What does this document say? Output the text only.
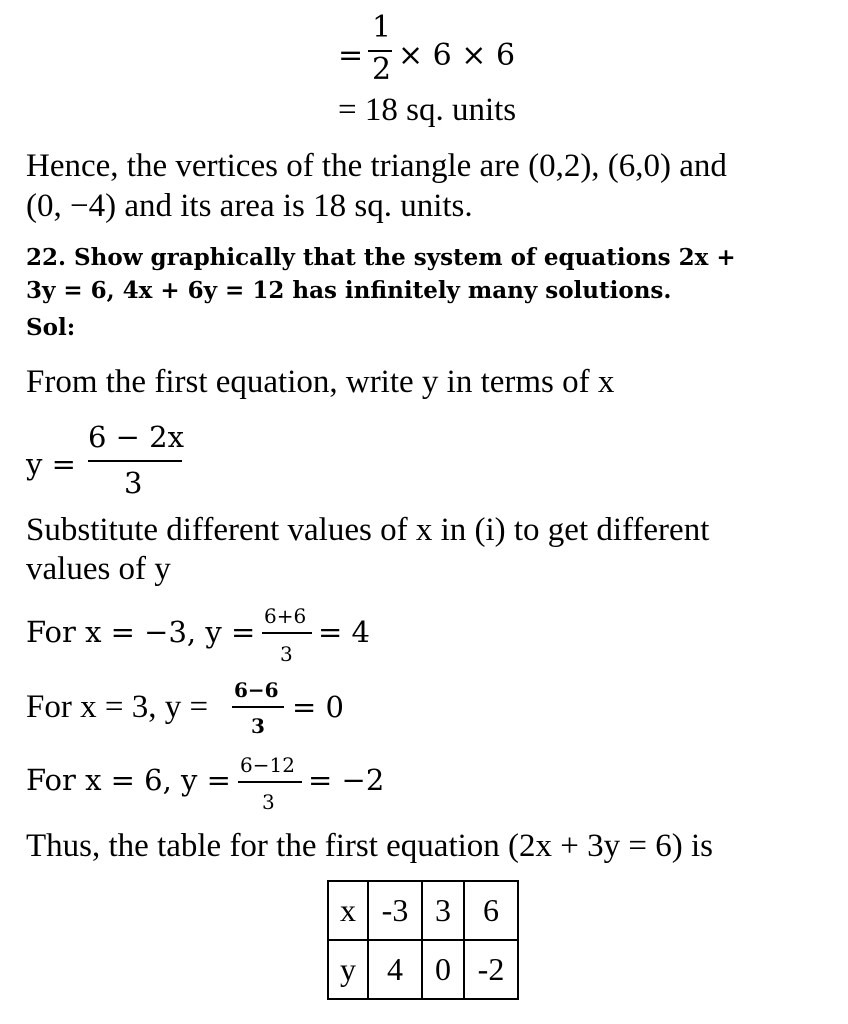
=
1
2 × 6 × 6
= 18 sq. units
Hence, the vertices of the triangle are (0,2), (6,0) and
(0, −4) and its area is 18 sq. units.
22. Show graphically that the system of equations 2x +
3y = 6, 4x + 6y = 12 has infinitely many solutions.
Sol:
From the first equation, write y in terms of x
y =
6 − 2x
3
Substitute different values of x in (i) to get different
values of y
For x = −3, y = 6+6
3
= 4
For x = 3, y = 6−6
3
= 0
For x = 6, y = 6−12
3
= −2
Thus, the table for the first equation (2x + 3y = 6) is
x	-3	3	6
y	4	0	-2
